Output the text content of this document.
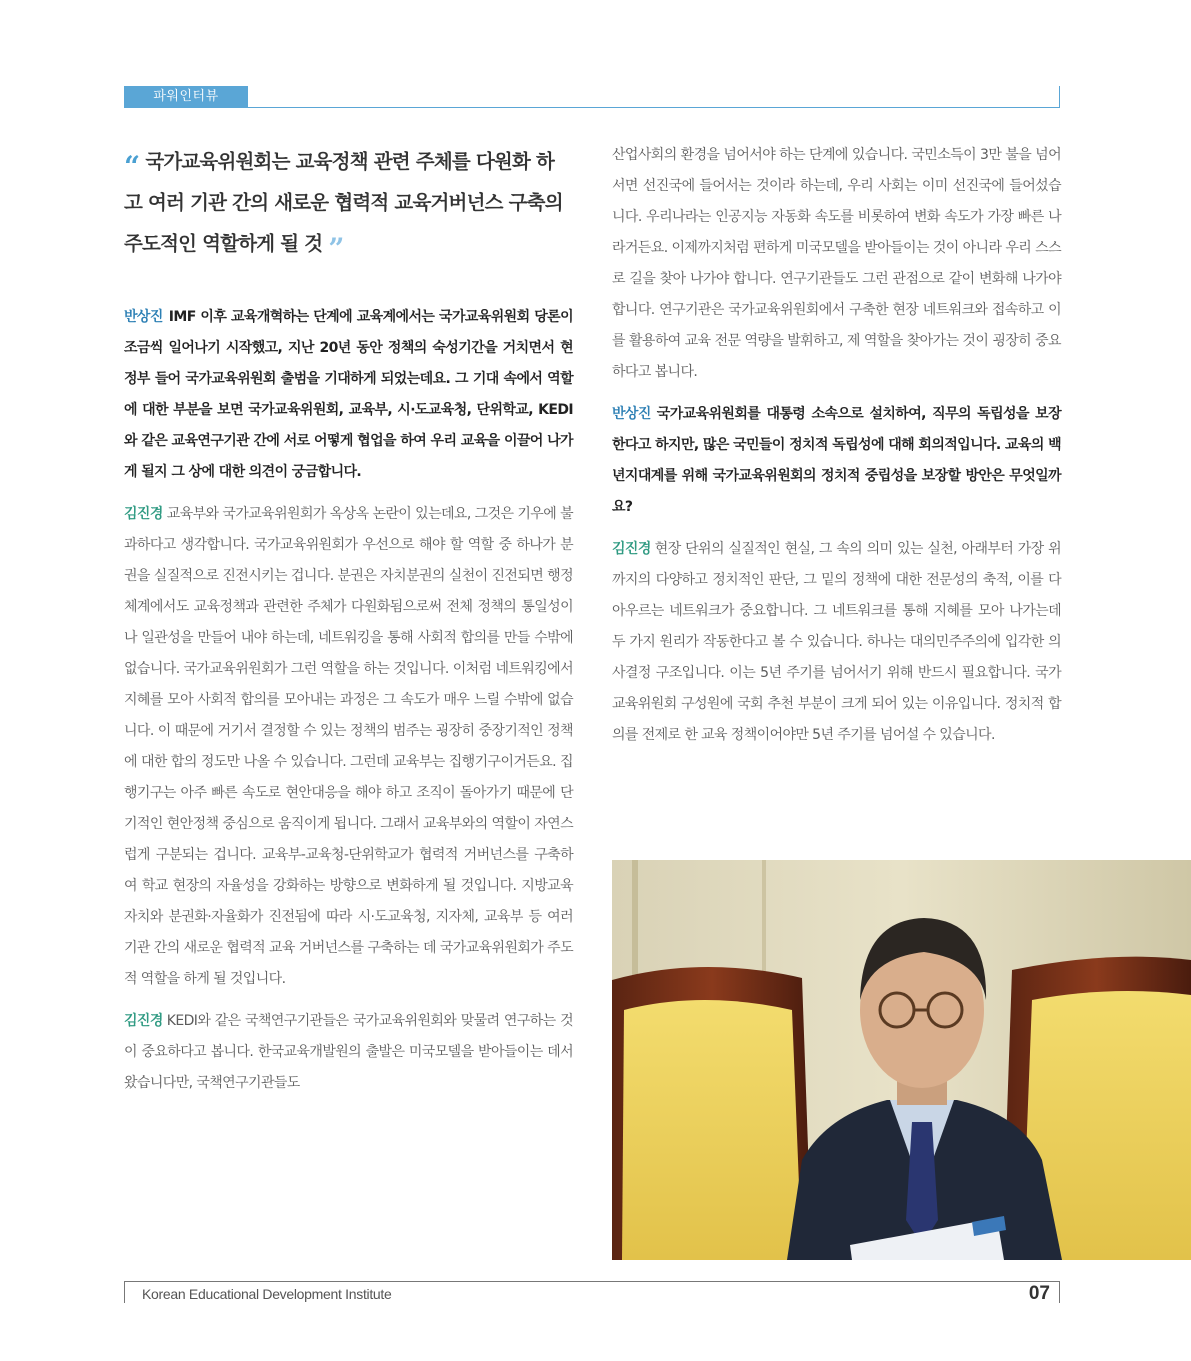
파워인터뷰
“ 국가교육위원회는 교육정책 관련 주체를 다원화 하고 여러 기관 간의 새로운 협력적 교육거버넌스 구축의 주도적인 역할하게 될 것 ”

반상진 IMF 이후 교육개혁하는 단계에 교육계에서는 국가교육위원회 당론이 조금씩 일어나기 시작했고, 지난 20년 동안 정책의 숙성기간을 거치면서 현 정부 들어 국가교육위원회 출범을 기대하게 되었는데요. 그 기대 속에서 역할에 대한 부분을 보면 국가교육위원회, 교육부, 시·도교육청, 단위학교, KEDI와 같은 교육연구기관 간에 서로 어떻게 협업을 하여 우리 교육을 이끌어 나가게 될지 그 상에 대한 의견이 궁금합니다.

김진경 교육부와 국가교육위원회가 옥상옥 논란이 있는데요, 그것은 기우에 불과하다고 생각합니다. 국가교육위원회가 우선으로 해야 할 역할 중 하나가 분권을 실질적으로 진전시키는 겁니다. 분권은 자치분권의 실천이 진전되면 행정체계에서도 교육정책과 관련한 주체가 다원화됨으로써 전체 정책의 통일성이나 일관성을 만들어 내야 하는데, 네트워킹을 통해 사회적 합의를 만들 수밖에 없습니다. 국가교육위원회가 그런 역할을 하는 것입니다. 이처럼 네트워킹에서 지혜를 모아 사회적 합의를 모아내는 과정은 그 속도가 매우 느릴 수밖에 없습니다. 이 때문에 거기서 결정할 수 있는 정책의 범주는 굉장히 중장기적인 정책에 대한 합의 정도만 나올 수 있습니다. 그런데 교육부는 집행기구이거든요. 집행기구는 아주 빠른 속도로 현안대응을 해야 하고 조직이 돌아가기 때문에 단기적인 현안정책 중심으로 움직이게 됩니다. 그래서 교육부와의 역할이 자연스럽게 구분되는 겁니다. 교육부-교육청-단위학교가 협력적 거버넌스를 구축하여 학교 현장의 자율성을 강화하는 방향으로 변화하게 될 것입니다. 지방교육자치와 분권화·자율화가 진전됨에 따라 시·도교육청, 지자체, 교육부 등 여러 기관 간의 새로운 협력적 교육 거버넌스를 구축하는 데 국가교육위원회가 주도적 역할을 하게 될 것입니다.

김진경 KEDI와 같은 국책연구기관들은 국가교육위원회와 맞물려 연구하는 것이 중요하다고 봅니다. 한국교육개발원의 출발은 미국모델을 받아들이는 데서 왔습니다만, 국책연구기관들도

산업사회의 환경을 넘어서야 하는 단계에 있습니다. 국민소득이 3만 불을 넘어서면 선진국에 들어서는 것이라 하는데, 우리 사회는 이미 선진국에 들어섰습니다. 우리나라는 인공지능 자동화 속도를 비롯하여 변화 속도가 가장 빠른 나라거든요. 이제까지처럼 편하게 미국모델을 받아들이는 것이 아니라 우리 스스로 길을 찾아 나가야 합니다. 연구기관들도 그런 관점으로 같이 변화해 나가야 합니다. 연구기관은 국가교육위원회에서 구축한 현장 네트워크와 접속하고 이를 활용하여 교육 전문 역량을 발휘하고, 제 역할을 찾아가는 것이 굉장히 중요하다고 봅니다.

반상진 국가교육위원회를 대통령 소속으로 설치하여, 직무의 독립성을 보장한다고 하지만, 많은 국민들이 정치적 독립성에 대해 회의적입니다. 교육의 백년지대계를 위해 국가교육위원회의 정치적 중립성을 보장할 방안은 무엇일까요?

김진경 현장 단위의 실질적인 현실, 그 속의 의미 있는 실천, 아래부터 가장 위까지의 다양하고 정치적인 판단, 그 밑의 정책에 대한 전문성의 축적, 이를 다 아우르는 네트워크가 중요합니다. 그 네트워크를 통해 지혜를 모아 나가는데 두 가지 원리가 작동한다고 볼 수 있습니다. 하나는 대의민주주의에 입각한 의사결정 구조입니다. 이는 5년 주기를 넘어서기 위해 반드시 필요합니다. 국가교육위원회 구성원에 국회 추천 부분이 크게 되어 있는 이유입니다. 정치적 합의를 전제로 한 교육 정책이어야만 5년 주기를 넘어설 수 있습니다.

Korean Educational Development Institute	07
